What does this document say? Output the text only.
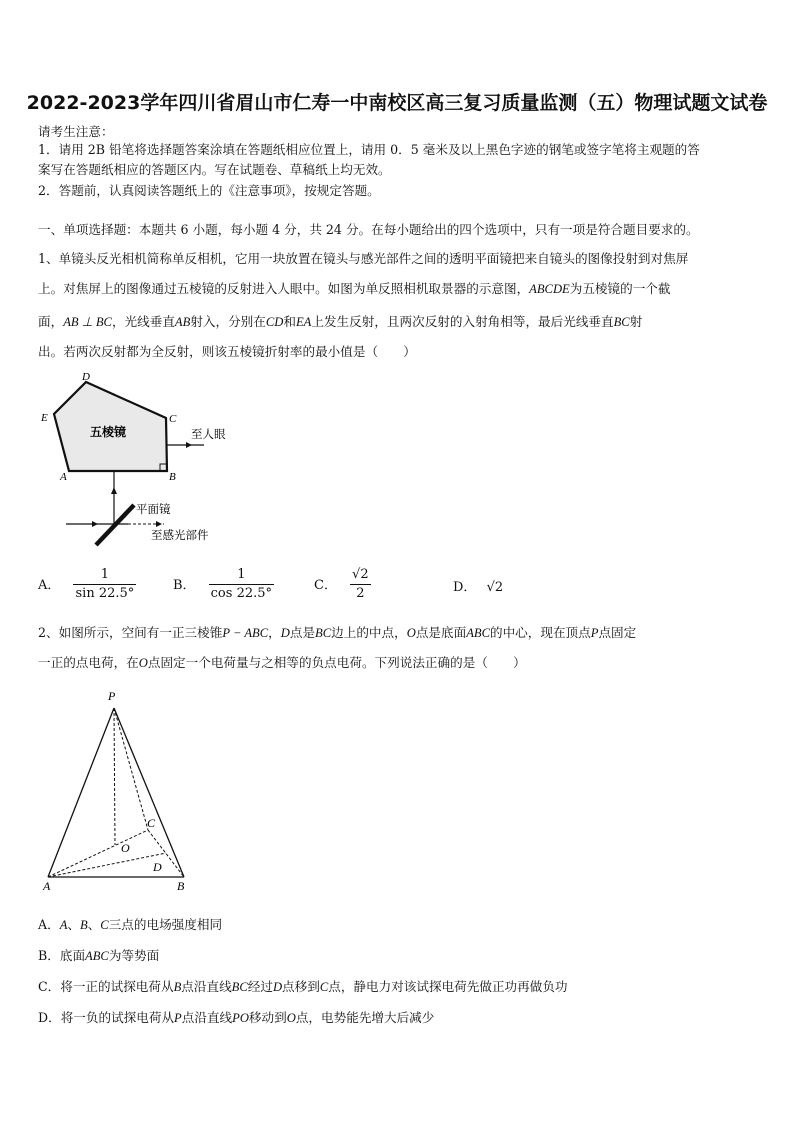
2022-2023学年四川省眉山市仁寿一中南校区高三复习质量监测（五）物理试题文试卷
请考生注意：
1．请用 2B 铅笔将选择题答案涂填在答题纸相应位置上，请用 0．5 毫米及以上黑色字迹的钢笔或签字笔将主观题的答
案写在答题纸相应的答题区内。写在试题卷、草稿纸上均无效。
2．答题前，认真阅读答题纸上的《注意事项》，按规定答题。
一、单项选择题：本题共 6 小题，每小题 4 分，共 24 分。在每小题给出的四个选项中，只有一项是符合题目要求的。
1、单镜头反光相机简称单反相机，它用一块放置在镜头与感光部件之间的透明平面镜把来自镜头的图像投射到对焦屏
上。对焦屏上的图像通过五棱镜的反射进入人眼中。如图为单反照相机取景器的示意图，ABCDE为五棱镜的一个截
面，AB ⊥ BC，光线垂直AB射入，分别在CD和EA上发生反射，且两次反射的入射角相等，最后光线垂直BC射
出。若两次反射都为全反射，则该五棱镜折射率的最小值是（　　）
D
C
E
B
A
五棱镜	至人眼
平面镜
至感光部件
A． $\frac{1}{\sin 22.5^\circ}$	B． $\frac{1}{\cos 22.5^\circ}$	C． $\frac{√2}{2}$	D． √2
2、如图所示，空间有一正三棱锥P − ABC，D点是BC边上的中点，O点是底面ABC的中心，现在顶点P点固定
一正的点电荷，在O点固定一个电荷量与之相等的负点电荷。下列说法正确的是（　　）
P
C
O
D
A	B
A．A、B、C三点的电场强度相同
B．底面ABC为等势面
C．将一正的试探电荷从B点沿直线BC经过D点移到C点，静电力对该试探电荷先做正功再做负功
D．将一负的试探电荷从P点沿直线PO移动到O点，电势能先增大后减少
